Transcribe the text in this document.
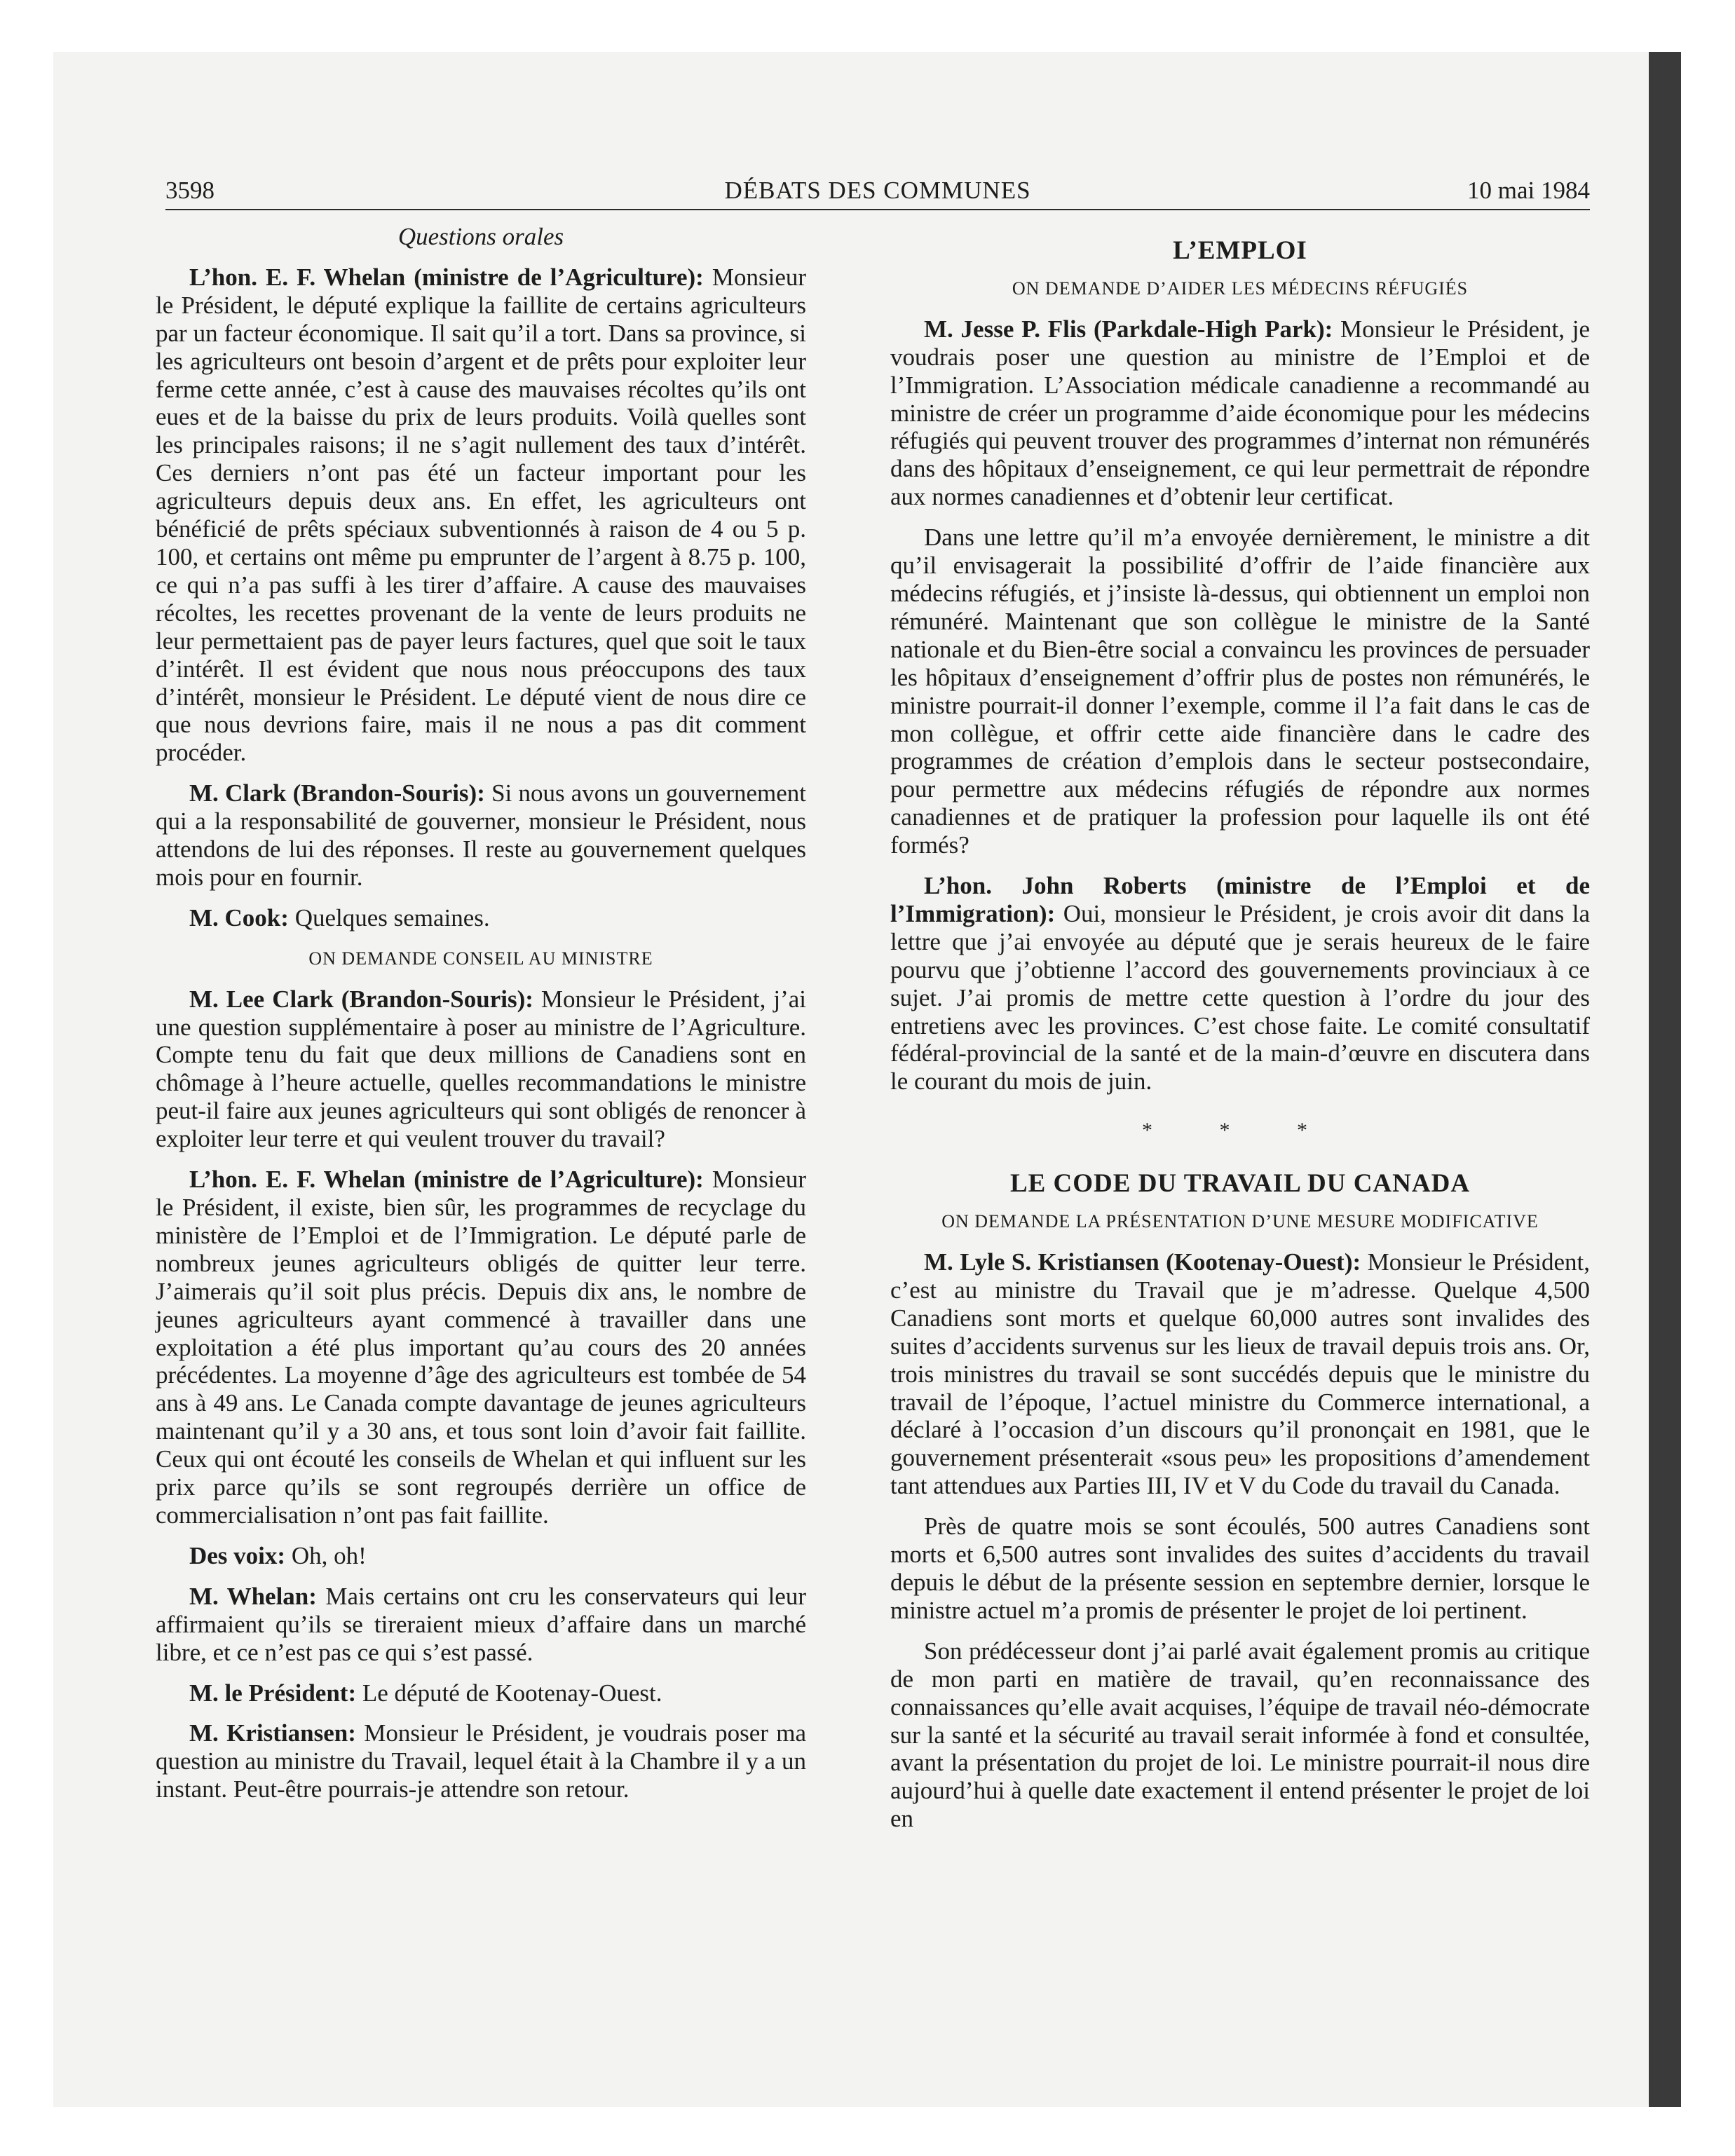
3598	DÉBATS DES COMMUNES	10 mai 1984
Questions orales

L’hon. E. F. Whelan (ministre de l’Agriculture): Monsieur le Président, le député explique la faillite de certains agriculteurs par un facteur économique. Il sait qu’il a tort. Dans sa province, si les agriculteurs ont besoin d’argent et de prêts pour exploiter leur ferme cette année, c’est à cause des mauvaises récoltes qu’ils ont eues et de la baisse du prix de leurs produits. Voilà quelles sont les principales raisons; il ne s’agit nullement des taux d’intérêt. Ces derniers n’ont pas été un facteur important pour les agriculteurs depuis deux ans. En effet, les agriculteurs ont bénéficié de prêts spéciaux subventionnés à raison de 4 ou 5 p. 100, et certains ont même pu emprunter de l’argent à 8.75 p. 100, ce qui n’a pas suffi à les tirer d’affaire. A cause des mauvaises récoltes, les recettes provenant de la vente de leurs produits ne leur permettaient pas de payer leurs factures, quel que soit le taux d’intérêt. Il est évident que nous nous préoccupons des taux d’intérêt, monsieur le Président. Le député vient de nous dire ce que nous devrions faire, mais il ne nous a pas dit comment procéder.

M. Clark (Brandon-Souris): Si nous avons un gouvernement qui a la responsabilité de gouverner, monsieur le Président, nous attendons de lui des réponses. Il reste au gouvernement quelques mois pour en fournir.

M. Cook: Quelques semaines.

ON DEMANDE CONSEIL AU MINISTRE

M. Lee Clark (Brandon-Souris): Monsieur le Président, j’ai une question supplémentaire à poser au ministre de l’Agriculture. Compte tenu du fait que deux millions de Canadiens sont en chômage à l’heure actuelle, quelles recommandations le ministre peut-il faire aux jeunes agriculteurs qui sont obligés de renoncer à exploiter leur terre et qui veulent trouver du travail?

L’hon. E. F. Whelan (ministre de l’Agriculture): Monsieur le Président, il existe, bien sûr, les programmes de recyclage du ministère de l’Emploi et de l’Immigration. Le député parle de nombreux jeunes agriculteurs obligés de quitter leur terre. J’aimerais qu’il soit plus précis. Depuis dix ans, le nombre de jeunes agriculteurs ayant commencé à travailler dans une exploitation a été plus important qu’au cours des 20 années précédentes. La moyenne d’âge des agriculteurs est tombée de 54 ans à 49 ans. Le Canada compte davantage de jeunes agriculteurs maintenant qu’il y a 30 ans, et tous sont loin d’avoir fait faillite. Ceux qui ont écouté les conseils de Whelan et qui influent sur les prix parce qu’ils se sont regroupés derrière un office de commercialisation n’ont pas fait faillite.

Des voix: Oh, oh!

M. Whelan: Mais certains ont cru les conservateurs qui leur affirmaient qu’ils se tireraient mieux d’affaire dans un marché libre, et ce n’est pas ce qui s’est passé.

M. le Président: Le député de Kootenay-Ouest.

M. Kristiansen: Monsieur le Président, je voudrais poser ma question au ministre du Travail, lequel était à la Chambre il y a un instant. Peut-être pourrais-je attendre son retour.

L’EMPLOI
ON DEMANDE D’AIDER LES MÉDECINS RÉFUGIÉS

M. Jesse P. Flis (Parkdale-High Park): Monsieur le Président, je voudrais poser une question au ministre de l’Emploi et de l’Immigration. L’Association médicale canadienne a recommandé au ministre de créer un programme d’aide économique pour les médecins réfugiés qui peuvent trouver des programmes d’internat non rémunérés dans des hôpitaux d’enseignement, ce qui leur permettrait de répondre aux normes canadiennes et d’obtenir leur certificat.

Dans une lettre qu’il m’a envoyée dernièrement, le ministre a dit qu’il envisagerait la possibilité d’offrir de l’aide financière aux médecins réfugiés, et j’insiste là-dessus, qui obtiennent un emploi non rémunéré. Maintenant que son collègue le ministre de la Santé nationale et du Bien-être social a convaincu les provinces de persuader les hôpitaux d’enseignement d’offrir plus de postes non rémunérés, le ministre pourrait-il donner l’exemple, comme il l’a fait dans le cas de mon collègue, et offrir cette aide financière dans le cadre des programmes de création d’emplois dans le secteur postsecondaire, pour permettre aux médecins réfugiés de répondre aux normes canadiennes et de pratiquer la profession pour laquelle ils ont été formés?

L’hon. John Roberts (ministre de l’Emploi et de l’Immigration): Oui, monsieur le Président, je crois avoir dit dans la lettre que j’ai envoyée au député que je serais heureux de le faire pourvu que j’obtienne l’accord des gouvernements provinciaux à ce sujet. J’ai promis de mettre cette question à l’ordre du jour des entretiens avec les provinces. C’est chose faite. Le comité consultatif fédéral-provincial de la santé et de la main-d’œuvre en discutera dans le courant du mois de juin.

* * *
LE CODE DU TRAVAIL DU CANADA
ON DEMANDE LA PRÉSENTATION D’UNE MESURE MODIFICATIVE

M. Lyle S. Kristiansen (Kootenay-Ouest): Monsieur le Président, c’est au ministre du Travail que je m’adresse. Quelque 4,500 Canadiens sont morts et quelque 60,000 autres sont invalides des suites d’accidents survenus sur les lieux de travail depuis trois ans. Or, trois ministres du travail se sont succédés depuis que le ministre du travail de l’époque, l’actuel ministre du Commerce international, a déclaré à l’occasion d’un discours qu’il prononçait en 1981, que le gouvernement présenterait «sous peu» les propositions d’amendement tant attendues aux Parties III, IV et V du Code du travail du Canada.

Près de quatre mois se sont écoulés, 500 autres Canadiens sont morts et 6,500 autres sont invalides des suites d’accidents du travail depuis le début de la présente session en septembre dernier, lorsque le ministre actuel m’a promis de présenter le projet de loi pertinent.

Son prédécesseur dont j’ai parlé avait également promis au critique de mon parti en matière de travail, qu’en reconnaissance des connaissances qu’elle avait acquises, l’équipe de travail néo-démocrate sur la santé et la sécurité au travail serait informée à fond et consultée, avant la présentation du projet de loi. Le ministre pourrait-il nous dire aujourd’hui à quelle date exactement il entend présenter le projet de loi en
